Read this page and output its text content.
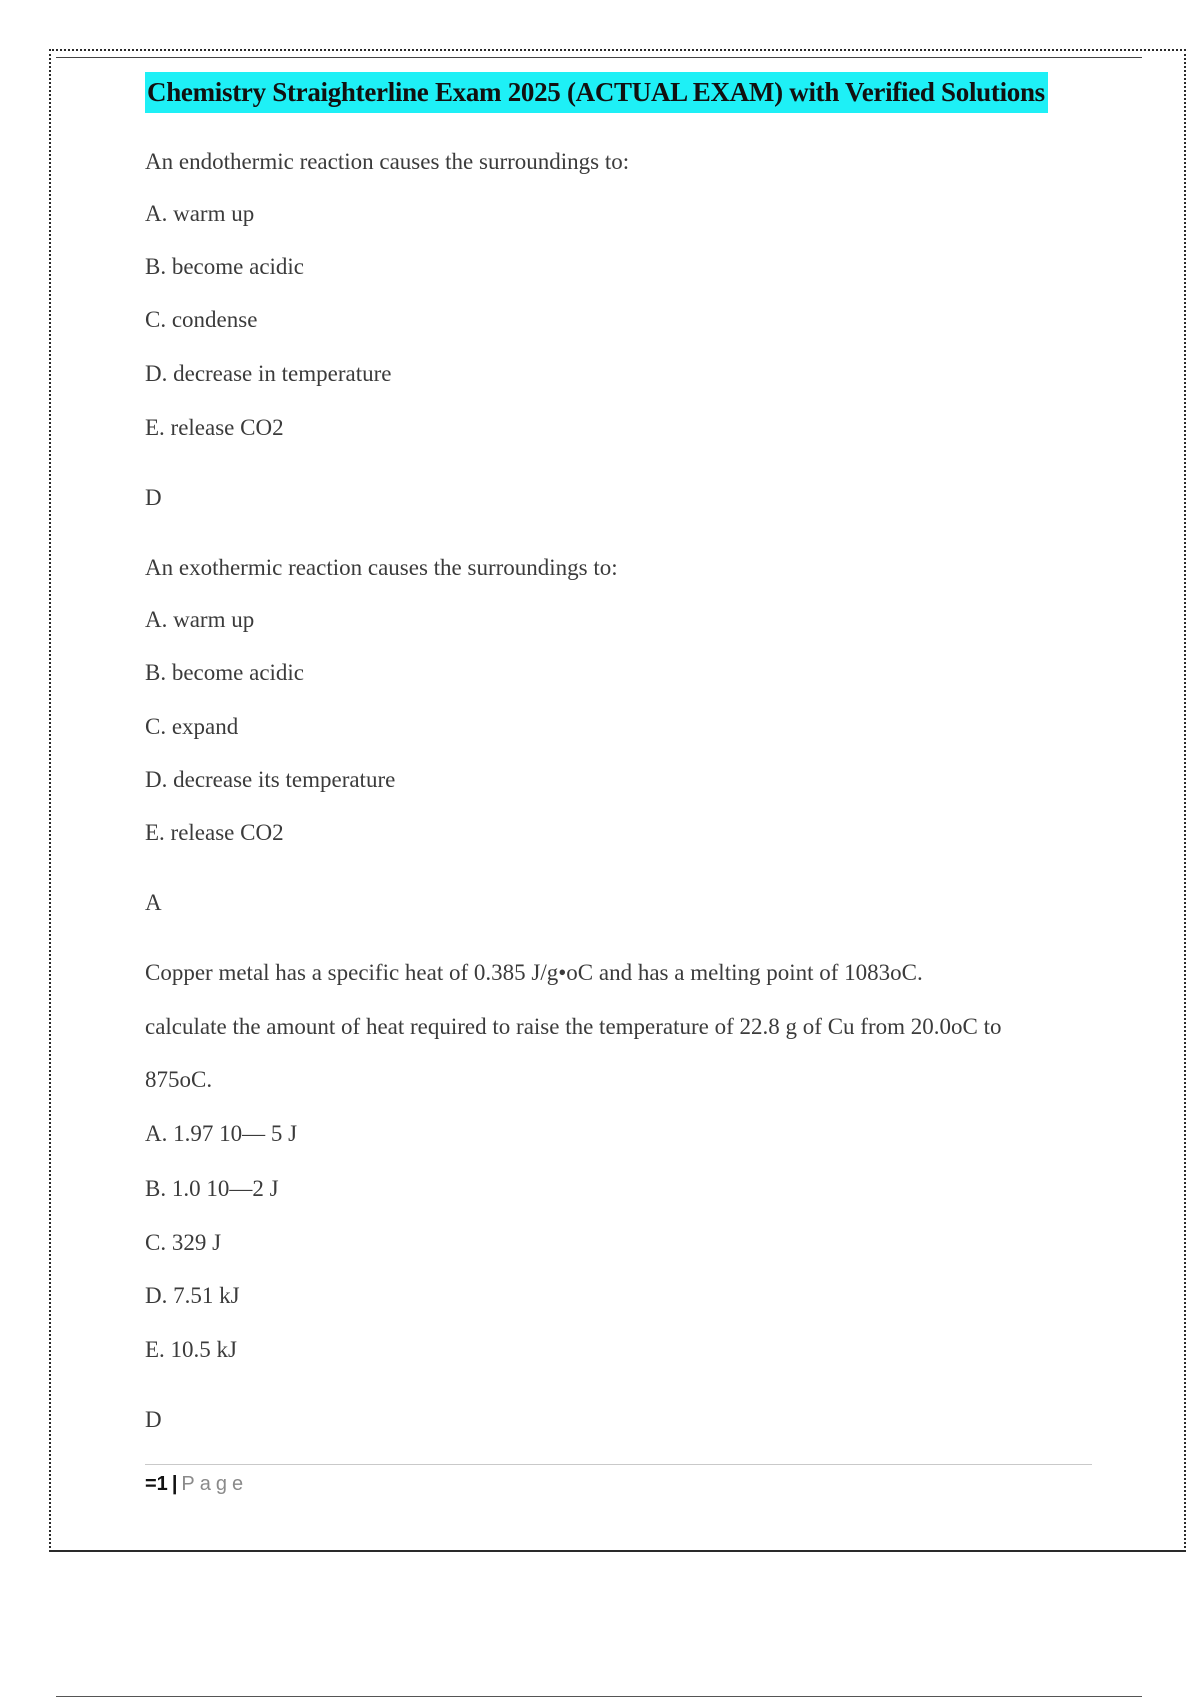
Chemistry Straighterline Exam 2025 (ACTUAL EXAM) with Verified Solutions
An endothermic reaction causes the surroundings to:
A. warm up
B. become acidic
C. condense
D. decrease in temperature
E. release CO2
D
An exothermic reaction causes the surroundings to:
A. warm up
B. become acidic
C. expand
D. decrease its temperature
E. release CO2
A
Copper metal has a specific heat of 0.385 J/g•oC and has a melting point of 1083oC.
calculate the amount of heat required to raise the temperature of 22.8 g of Cu from 20.0oC to
875oC.
A. 1.97 10— 5 J
B. 1.0 10—2 J
C. 329 J
D. 7.51 kJ
E. 10.5 kJ
D
=1 | Page
